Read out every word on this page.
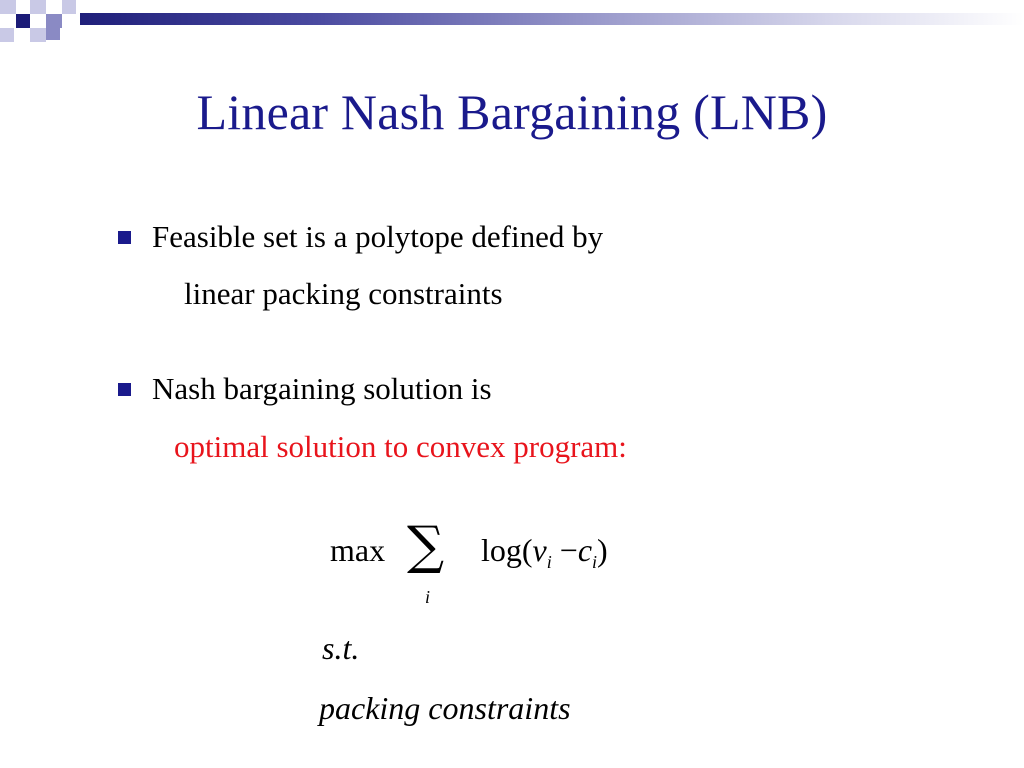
Linear Nash Bargaining (LNB)
Feasible set is a polytope defined by
linear packing constraints
Nash bargaining solution is
optimal solution to convex program:
max ∑
i
$\log(v_i -c_i)$
s.t.
packing constraints
